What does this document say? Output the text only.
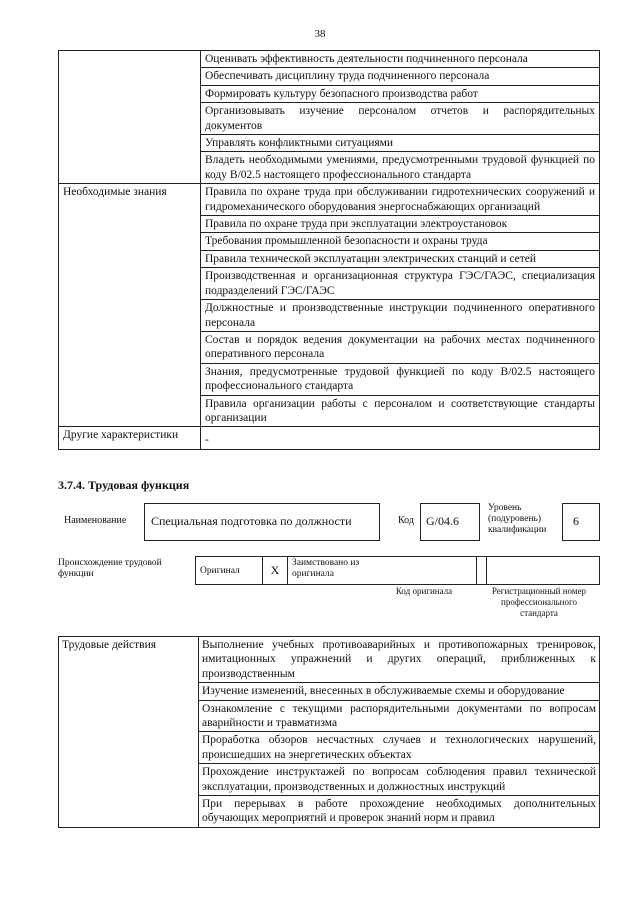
38
	Оценивать эффективность деятельности подчиненного персонала
	Обеспечивать дисциплину труда подчиненного персонала
	Формировать культуру безопасного производства работ
	Организовывать изучение персоналом отчетов и распорядительных документов
	Управлять конфликтными ситуациями
	Владеть необходимыми умениями, предусмотренными трудовой функцией по коду В/02.5 настоящего профессионального стандарта
Необходимые знания	Правила по охране труда при обслуживании гидротехнических сооружений и гидромеханического оборудования энергоснабжающих организаций
	Правила по охране труда при эксплуатации электроустановок
	Требования промышленной безопасности и охраны труда
	Правила технической эксплуатации электрических станций и сетей
	Производственная и организационная структура ГЭС/ГАЭС, специализация подразделений ГЭС/ГАЭС
	Должностные и производственные инструкции подчиненного оперативного персонала
	Состав и порядок ведения документации на рабочих местах подчиненного оперативного персонала
	Знания, предусмотренные трудовой функцией по коду В/02.5 настоящего профессионального стандарта
	Правила организации работы с персоналом и соответствующие стандарты организации
Другие характеристики	-
3.7.4. Трудовая функция
Наименование Специальная подготовка по должности	Код G/04.6
Уровень
(подуровень)
квалификации
6
Происхождение трудовой
функции	Оригинал	X	Заимствовано из
оригинала

Код оригинала	Регистрационный номер
профессионального
стандарта
Трудовые действия	Выполнение учебных противоаварийных и противопожарных тренировок, имитационных упражнений и других операций, приближенных к производственным
Изучение изменений, внесенных в обслуживаемые схемы и оборудование
Ознакомление с текущими распорядительными документами по вопросам аварийности и травматизма
Проработка обзоров несчастных случаев и технологических нарушений, происшедших на энергетических объектах
Прохождение инструктажей по вопросам соблюдения правил технической эксплуатации, производственных и должностных инструкций
При перерывах в работе прохождение необходимых дополнительных обучающих мероприятий и проверок знаний норм и правил
